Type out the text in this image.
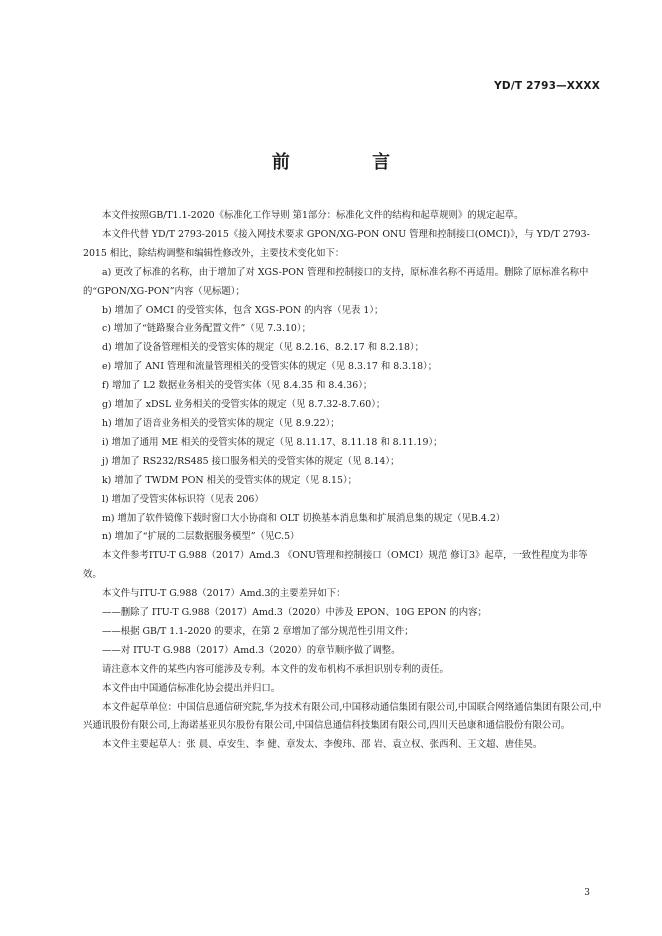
YD/T 2793—XXXX
前 言

本文件按照GB/T1.1-2020《标准化工作导则 第1部分：标准化文件的结构和起草规则》的规定起草。

本文件代替 YD/T 2793-2015《接入网技术要求 GPON/XG-PON ONU 管理和控制接口(OMCI)》，与 YD/T 2793-2015 相比，除结构调整和编辑性修改外，主要技术变化如下：

a) 更改了标准的名称，由于增加了对 XGS-PON 管理和控制接口的支持，原标准名称不再适用。删除了原标准名称中的“GPON/XG-PON”内容（见标题）；

b) 增加了 OMCI 的受管实体，包含 XGS-PON 的内容（见表 1）；

c) 增加了“链路聚合业务配置文件”（见 7.3.10）；

d) 增加了设备管理相关的受管实体的规定（见 8.2.16、8.2.17 和 8.2.18）；

e) 增加了 ANI 管理和流量管理相关的受管实体的规定（见 8.3.17 和 8.3.18）；

f) 增加了 L2 数据业务相关的受管实体（见 8.4.35 和 8.4.36）；

g) 增加了 xDSL 业务相关的受管实体的规定（见 8.7.32-8.7.60）；

h) 增加了语音业务相关的受管实体的规定（见 8.9.22）；

i) 增加了通用 ME 相关的受管实体的规定（见 8.11.17、8.11.18 和 8.11.19）；

j) 增加了 RS232/RS485 接口服务相关的受管实体的规定（见 8.14）；

k) 增加了 TWDM PON 相关的受管实体的规定（见 8.15）；

l) 增加了受管实体标识符（见表 206）

m) 增加了软件镜像下载时窗口大小协商和 OLT 切换基本消息集和扩展消息集的规定（见B.4.2）

n) 增加了“扩展的二层数据服务模型”（见C.5）

本文件参考ITU-T G.988（2017）Amd.3 《ONU管理和控制接口（OMCI）规范 修订3》起草，一致性程度为非等效。

本文件与ITU-T G.988（2017）Amd.3的主要差异如下：

——删除了 ITU-T G.988（2017）Amd.3（2020）中涉及 EPON、10G EPON 的内容；

——根据 GB/T 1.1-2020 的要求，在第 2 章增加了部分规范性引用文件；

——对 ITU-T G.988（2017）Amd.3（2020）的章节顺序做了调整。

请注意本文件的某些内容可能涉及专利。本文件的发布机构不承担识别专利的责任。

本文件由中国通信标准化协会提出并归口。

本文件起草单位：中国信息通信研究院,华为技术有限公司,中国移动通信集团有限公司,中国联合网络通信集团有限公司,中兴通讯股份有限公司,上海诺基亚贝尔股份有限公司,中国信息通信科技集团有限公司,四川天邑康和通信股份有限公司。

本文件主要起草人：张 晨、卓安生、李 健、章发太、李俊玮、邵 岩、袁立权、张西利、王文超、唐佳昊。

3
